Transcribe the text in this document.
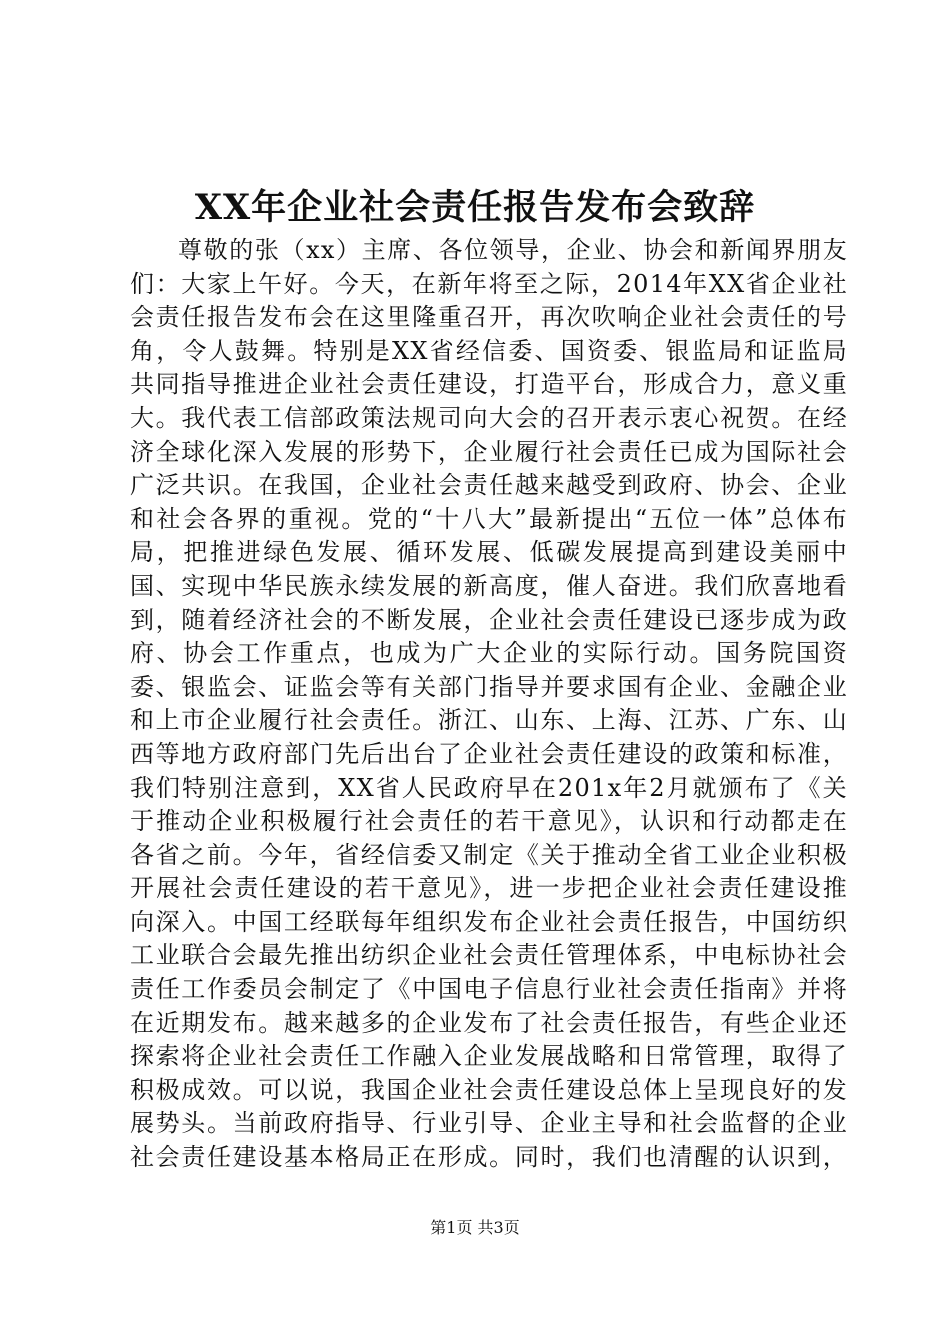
XX年企业社会责任报告发布会致辞

尊敬的张（xx）主席、各位领导，企业、协会和新闻界朋友们：大家上午好。今天，在新年将至之际，2014年XX省企业社会责任报告发布会在这里隆重召开，再次吹响企业社会责任的号角，令人鼓舞。特别是XX省经信委、国资委、银监局和证监局共同指导推进企业社会责任建设，打造平台，形成合力，意义重大。我代表工信部政策法规司向大会的召开表示衷心祝贺。在经济全球化深入发展的形势下，企业履行社会责任已成为国际社会广泛共识。在我国，企业社会责任越来越受到政府、协会、企业和社会各界的重视。党的“十八大”最新提出“五位一体”总体布局，把推进绿色发展、循环发展、低碳发展提高到建设美丽中国、实现中华民族永续发展的新高度，催人奋进。我们欣喜地看到，随着经济社会的不断发展，企业社会责任建设已逐步成为政府、协会工作重点，也成为广大企业的实际行动。国务院国资委、银监会、证监会等有关部门指导并要求国有企业、金融企业和上市企业履行社会责任。浙江、山东、上海、江苏、广东、山西等地方政府部门先后出台了企业社会责任建设的政策和标准，我们特别注意到，XX省人民政府早在201x年2月就颁布了《关于推动企业积极履行社会责任的若干意见》，认识和行动都走在各省之前。今年，省经信委又制定《关于推动全省工业企业积极开展社会责任建设的若干意见》，进一步把企业社会责任建设推向深入。中国工经联每年组织发布企业社会责任报告，中国纺织工业联合会最先推出纺织企业社会责任管理体系，中电标协社会责任工作委员会制定了《中国电子信息行业社会责任指南》并将在近期发布。越来越多的企业发布了社会责任报告，有些企业还探索将企业社会责任工作融入企业发展战略和日常管理，取得了积极成效。可以说，我国企业社会责任建设总体上呈现良好的发展势头。当前政府指导、行业引导、企业主导和社会监督的企业社会责任建设基本格局正在形成。同时，我们也清醒的认识到，

第1页 共3页
